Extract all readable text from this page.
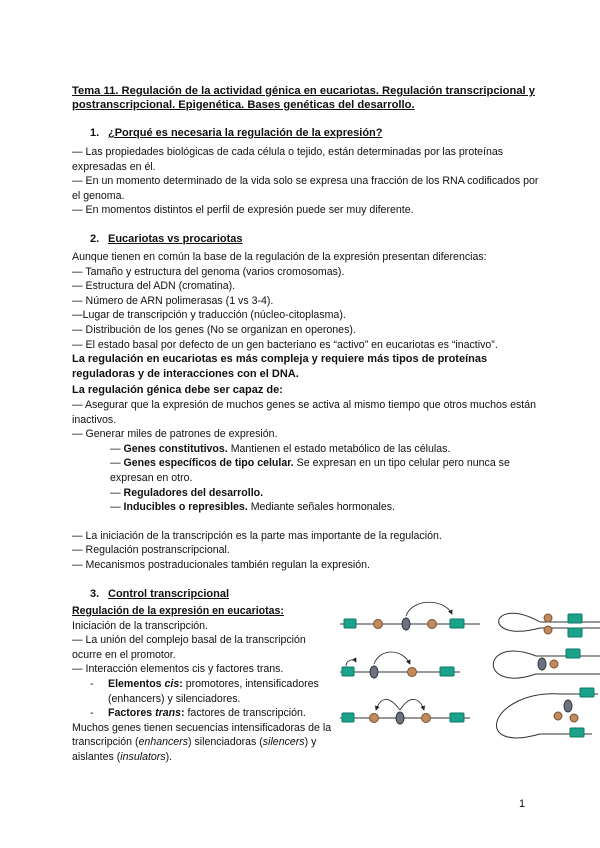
Tema 11. Regulación de la actividad génica en eucariotas. Regulación transcripcional y postranscripcional. Epigenética. Bases genéticas del desarrollo.
1. ¿Porqué es necesaria la regulación de la expresión?

— Las propiedades biológicas de cada célula o tejido, están determinadas por las proteínas expresadas en él.

— En un momento determinado de la vida solo se expresa una fracción de los RNA codificados por el genoma.

— En momentos distintos el perfil de expresión puede ser muy diferente.

2. Eucariotas vs procariotas

Aunque tienen en común la base de la regulación de la expresión presentan diferencias:

— Tamaño y estructura del genoma (varios cromosomas).

— Estructura del ADN (cromatina).

— Número de ARN polimerasas (1 vs 3-4).

—Lugar de transcripción y traducción (núcleo-citoplasma).

— Distribución de los genes (No se organizan en operones).

— El estado basal por defecto de un gen bacteriano es “activo” en eucariotas es “inactivo”.

La regulación en eucariotas es más compleja y requiere más tipos de proteínas reguladoras y de interacciones con el DNA.

La regulación génica debe ser capaz de:

— Asegurar que la expresión de muchos genes se activa al mismo tiempo que otros muchos están inactivos.

— Generar miles de patrones de expresión.

— Genes constitutivos. Mantienen el estado metabólico de las células.

— Genes específicos de tipo celular. Se expresan en un tipo celular pero nunca se expresan en otro.

— Reguladores del desarrollo.

— Inducibles o represibles. Mediante señales hormonales.

— La iniciación de la transcripción es la parte mas importante de la regulación.

— Regulación postranscripcional.

— Mecanismos postraducionales también regulan la expresión.

3. Control transcripcional

Regulación de la expresión en eucariotas:

Iniciación de la transcripción.

— La unión del complejo basal de la transcripción ocurre en el promotor.

— Interacción elementos cis y factores trans.

- Elementos cis: promotores, intensificadores (enhancers) y silenciadores.

- Factores trans: factores de transcripción.

Muchos genes tienen secuencias intensificadoras de la transcripción (enhancers) silenciadoras (silencers) y aislantes (insulators).

1
